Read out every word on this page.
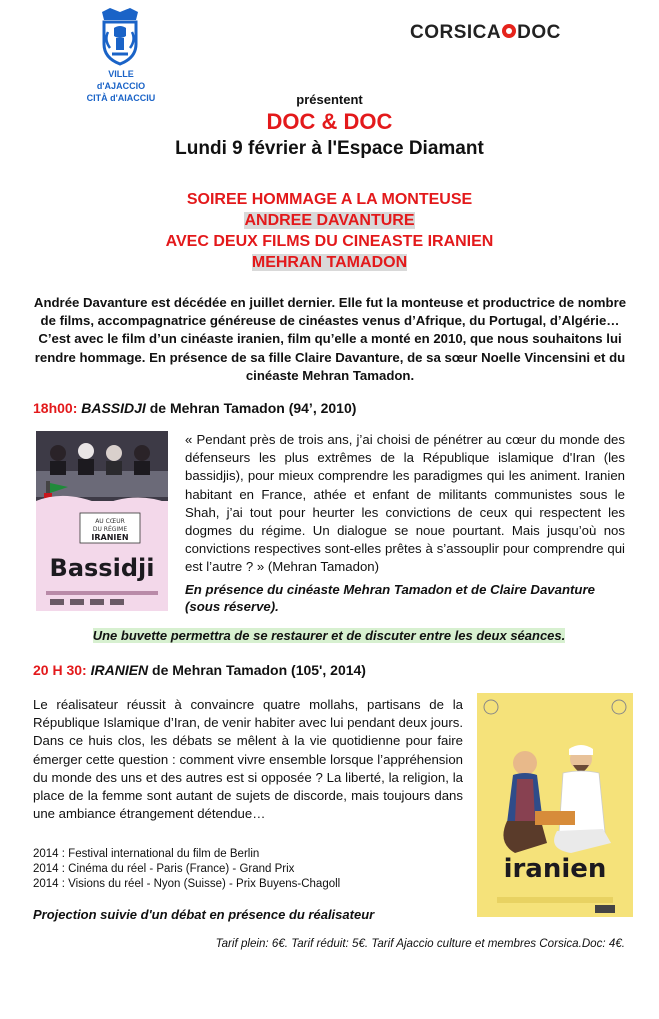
VILLE d'AJACCIO
CITÀ d'AIACCIU
CORSICA DOC
présentent
DOC & DOC
Lundi 9 février à l'Espace Diamant
SOIREE HOMMAGE A LA MONTEUSE
ANDREE DAVANTURE
AVEC DEUX FILMS DU CINEASTE IRANIEN
MEHRAN TAMADON
Andrée Davanture est décédée en juillet dernier. Elle fut la monteuse et productrice de nombre de films, accompagnatrice généreuse de cinéastes venus d’Afrique, du Portugal, d’Algérie… C’est avec le film d’un cinéaste iranien, film qu’elle a monté en 2010, que nous souhaitons lui rendre hommage. En présence de sa fille Claire Davanture, de sa sœur Noelle Vincensini et du cinéaste Mehran Tamadon.
18h00: BASSIDJI de Mehran Tamadon (94’, 2010)
AU CŒUR
DU RÉGIME
IRANIEN
Bassidji
« Pendant près de trois ans, j’ai choisi de pénétrer au cœur du monde des défenseurs les plus extrêmes de la République islamique d'Iran (les bassidjis), pour mieux comprendre les paradigmes qui les animent. Iranien habitant en France, athée et enfant de militants communistes sous le Shah, j’ai tout pour heurter les convictions de ceux qui respectent les dogmes du régime. Un dialogue se noue pourtant. Mais jusqu’où nos convictions respectives sont-elles prêtes à s’assouplir pour comprendre qui est l’autre ? » (Mehran Tamadon)
En présence du cinéaste Mehran Tamadon et de Claire Davanture (sous réserve).
Une buvette permettra de se restaurer et de discuter entre les deux séances.
20 H 30: IRANIEN de Mehran Tamadon (105', 2014)
Le réalisateur réussit à convaincre quatre mollahs, partisans de la République Islamique d’Iran, de venir habiter avec lui pendant deux jours. Dans ce huis clos, les débats se mêlent à la vie quotidienne pour faire émerger cette question : comment vivre ensemble lorsque l’appréhension du monde des uns et des autres est si opposée ? La liberté, la religion, la place de la femme sont autant de sujets de discorde, mais toujours dans une ambiance étrangement détendue…
2014 : Festival international du film de Berlin
2014 : Cinéma du réel - Paris (France) - Grand Prix
2014 : Visions du réel - Nyon (Suisse) - Prix Buyens-Chagoll
Projection suivie d'un débat en présence du réalisateur
iranien
Tarif plein: 6€. Tarif réduit: 5€. Tarif Ajaccio culture et membres Corsica.Doc: 4€.
